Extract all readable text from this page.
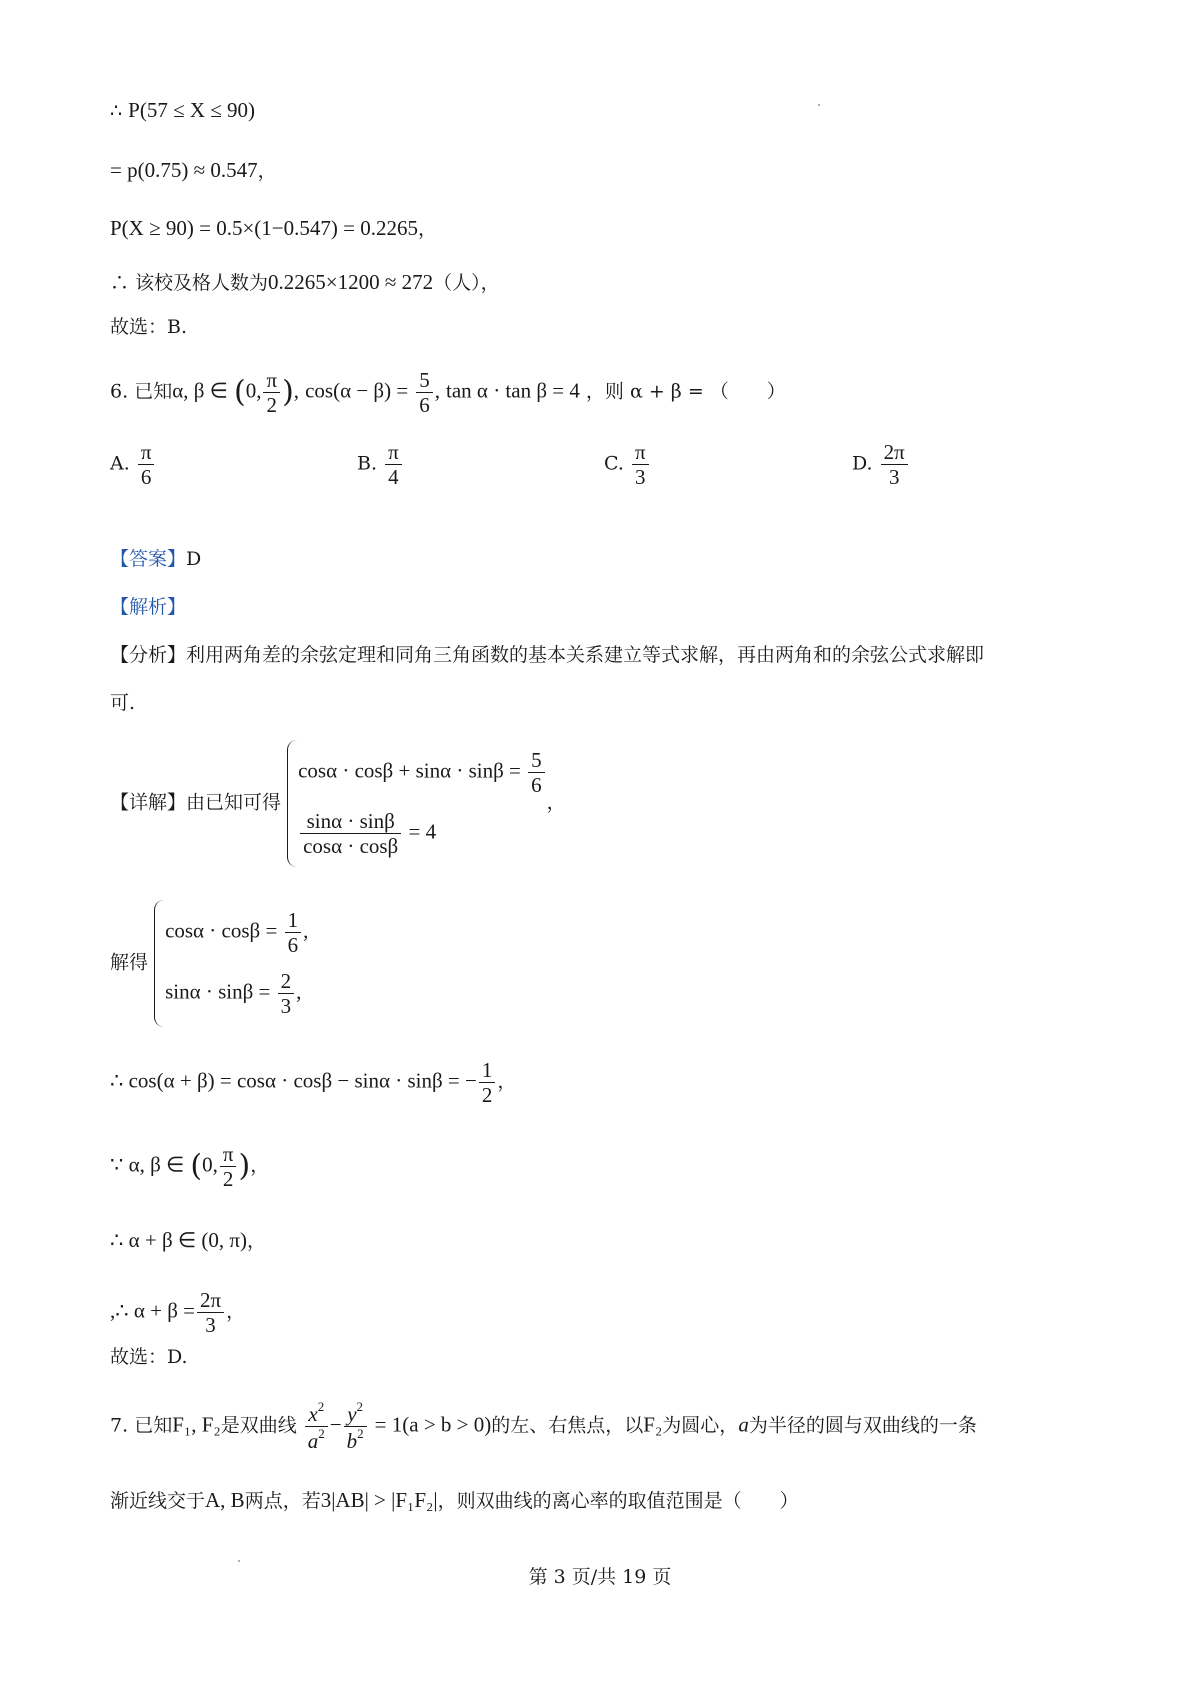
∴ P(57 ≤ X ≤ 90)
= p(0.75) ≈ 0.547，
P(X ≥ 90) = 0.5×(1−0.547) = 0.2265，
∴ 该校及格人数为0.2265×1200 ≈ 272（人），
故选：B.
6. 已知α, β ∈ (0, $\frac{\pi}{2}$ ), $\cos(\alpha - \beta) = \frac{5}{6}$ , tan α · tan β = 4 ，则 α + β = （　　）
A. $\frac{\pi}{6}$	B. $\frac{\pi}{4}$	C. $\frac{\pi}{3}$	D. $\frac{2\pi}{3}$
【答案】D
【解析】
【分析】利用两角差的余弦定理和同角三角函数的基本关系建立等式求解，再由两角和的余弦公式求解即
可.
【详解】由已知可得
$\cos\alpha \cdot \cos\beta + \sin\alpha \cdot \sin\beta = \frac{5}{6}$
$\frac{\sin\alpha \cdot \sin\beta}{\cos\alpha \cdot \cos\beta} = 4$
，
解得
$\cos\alpha \cdot \cos\beta = \frac{1}{6}$ ,
$\sin\alpha \cdot \sin\beta = \frac{2}{3}$ ,
∴ cos(α + β) = cosα · cosβ − sinα · sinβ = − $\frac{1}{2}$ ，
∵ α, β ∈ (0, $\frac{\pi}{2}$ )，
∴ α + β ∈ (0, π)，
,∴ $\alpha + \beta = \frac{2\pi}{3}$ ，
故选：D.
7. 已知F₁, F₂是双曲线 $\frac{x^2}{a^2} - \frac{y^2}{b^2} = 1(a > b > 0)$的左、右焦点，以F₂为圆心，a为半径的圆与双曲线的一条
渐近线交于A, B两点，若3|AB| > |F₁F₂|，则双曲线的离心率的取值范围是（　　）
第 3 页/共 19 页
